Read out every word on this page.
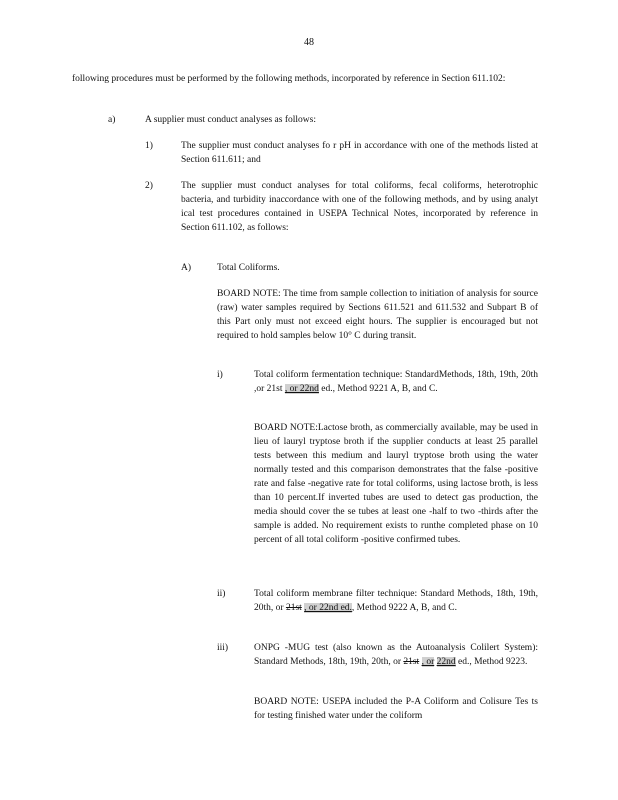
48
following procedures must be performed by the following methods, incorporated by reference in Section 611.102:
a)	A supplier must conduct analyses as follows:
1)	The supplier must conduct analyses fo r pH in accordance with one of the methods listed at Section 611.611; and
2)	The supplier must conduct analyses for total coliforms, fecal coliforms, heterotrophic bacteria, and turbidity inaccordance with one of the following methods, and by using analyt ical test procedures contained in USEPA Technical Notes, incorporated by reference in Section 611.102, as follows:
A)	Total Coliforms.
BOARD NOTE: The time from sample collection to initiation of analysis for source (raw) water samples required by Sections 611.521 and 611.532 and Subpart B of this Part only must not exceed eight hours. The supplier is encouraged but not required to hold samples below 10° C during transit.
i)	Total coliform fermentation technique: StandardMethods, 18th, 19th, 20th ,or 21st , or 22nd ed., Method 9221 A, B, and C.
BOARD NOTE:Lactose broth, as commercially available, may be used in lieu of lauryl tryptose broth if the supplier conducts at least 25 parallel tests between this medium and lauryl tryptose broth using the water normally tested and this comparison demonstrates that the false -positive rate and false -negative rate for total coliforms, using lactose broth, is less than 10 percent.If inverted tubes are used to detect gas production, the media should cover the se tubes at least one -half to two -thirds after the sample is added. No requirement exists to runthe completed phase on 10 percent of all total coliform -positive confirmed tubes.
ii)	Total coliform membrane filter technique: Standard Methods, 18th, 19th, 20th, or 21st , or 22nd ed., Method 9222 A, B, and C.
iii)	ONPG -MUG test (also known as the Autoanalysis Colilert System): Standard Methods, 18th, 19th, 20th, or 21st , or 22nd ed., Method 9223.
BOARD NOTE: USEPA included the P-A Coliform and Colisure Tes ts for testing finished water under the coliform
